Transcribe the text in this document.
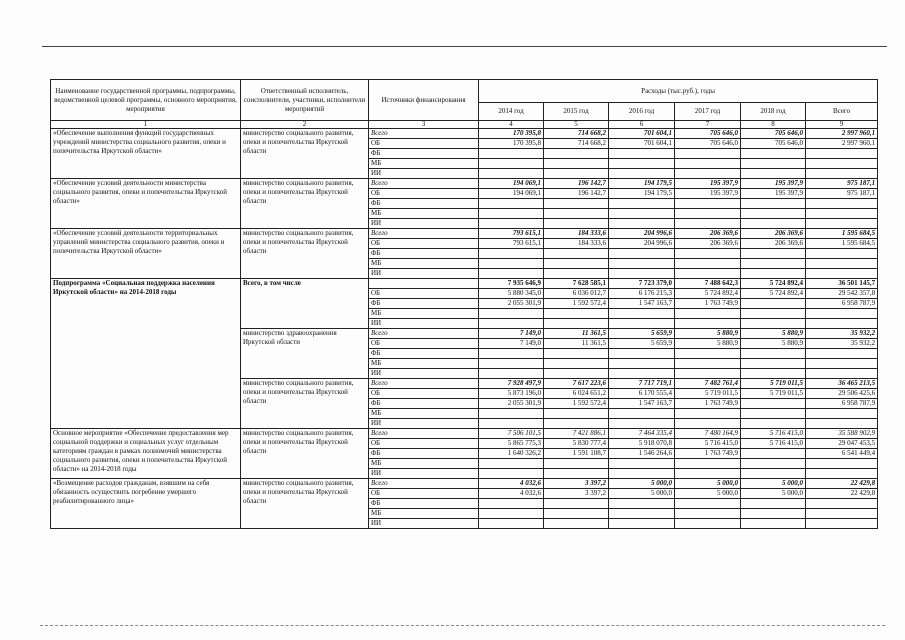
Наименование государственной программы, подпрограммы, ведомственной целевой программы, основного мероприятия, мероприятия	Ответственный исполнитель, соисполнители, участники, исполнители мероприятий	Источники финансирования	Расходы (тыс.руб.), годы					
			2014 год	2015 год	2016 год	2017 год	2018 год	Всего
1	2	3	4	5	6	7	8	9
«Обеспечение выполнения функций государственных учреждений министерства социального развития, опеки и попечительства Иркутской области»	министерство социального развития, опеки и попечительства Иркутской области	Всего	170 395,8	714 668,2	701 604,1	705 646,0	705 646,0	2 997 960,1
		ОБ	170 395,8	714 668,2	701 604,1	705 646,0	705 646,0	2 997 960,1
		ФБ						
		МБ						
		ИИ						
«Обеспечение условий деятельности министерства социального развития, опеки и попечительства Иркутской области»	министерство социального развития, опеки и попечительства Иркутской области	Всего	194 069,1	196 142,7	194 179,5	195 397,9	195 397,9	975 187,1
		ОБ	194 069,1	196 142,7	194 179,5	195 397,9	195 397,9	975 187,1
		ФБ						
		МБ						
		ИИ						
«Обеспечение условий деятельности территориальных управлений министерства социального развития, опеки и попечительства Иркутской области»	министерство социального развития, опеки и попечительства Иркутской области	Всего	793 615,1	184 333,6	204 996,6	206 369,6	206 369,6	1 595 684,5
		ОБ	793 615,1	184 333,6	204 996,6	206 369,6	206 369,6	1 595 684,5
		ФБ						
		МБ						
		ИИ						
Подпрограмма «Социальная поддержка населения Иркутской области» на 2014-2018 годы	Всего, в том числе		7 935 646,9	7 628 585,1	7 723 379,0	7 488 642,3	5 724 892,4	36 501 145,7
		ОБ	5 880 345,0	6 036 012,7	6 176 215,3	5 724 892,4	5 724 892,4	29 542 357,8
		ФБ	2 055 301,9	1 592 572,4	1 547 163,7	1 763 749,9		6 958 787,9
		МБ						
		ИИ						
	министерство здравоохранения Иркутской области	Всего	7 149,0	11 361,5	5 659,9	5 880,9	5 880,9	35 932,2
		ОБ	7 149,0	11 361,5	5 659,9	5 880,9	5 880,9	35 932,2
		ФБ						
		МБ						
		ИИ						
	министерство социального развития, опеки и попечительства Иркутской области	Всего	7 928 497,9	7 617 223,6	7 717 719,1	7 482 761,4	5 719 011,5	36 465 213,5
		ОБ	5 873 196,0	6 024 651,2	6 170 555,4	5 719 011,5	5 719 011,5	29 506 425,6
		ФБ	2 055 301,9	1 592 572,4	1 547 163,7	1 763 749,9		6 958 787,9
		МБ						
		ИИ						
Основное мероприятие «Обеспечение предоставления мер социальной поддержки и социальных услуг отдельным категориям граждан в рамках полномочий министерства социального развития, опеки и попечительства Иркутской области» на 2014-2018 годы	министерство социального развития, опеки и попечительства Иркутской области	Всего	7 506 101,5	7 421 886,1	7 464 335,4	7 480 164,9	5 716 415,0	35 588 902,9
		ОБ	5 865 775,3	5 830 777,4	5 918 070,8	5 716 415,0	5 716 415,0	29 047 453,5
		ФБ	1 640 326,2	1 591 108,7	1 546 264,6	1 763 749,9		6 541 449,4
		МБ						
		ИИ						
«Возмещение расходов гражданам, взявшим на себя обязанность осуществить погребение умершего реабилитированного лица»	министерство социального развития, опеки и попечительства Иркутской области	Всего	4 032,6	3 397,2	5 000,0	5 000,0	5 000,0	22 429,8
		ОБ	4 032,6	3 397,2	5 000,0	5 000,0	5 000,0	22 429,8
		ФБ						
		МБ						
		ИИ						
